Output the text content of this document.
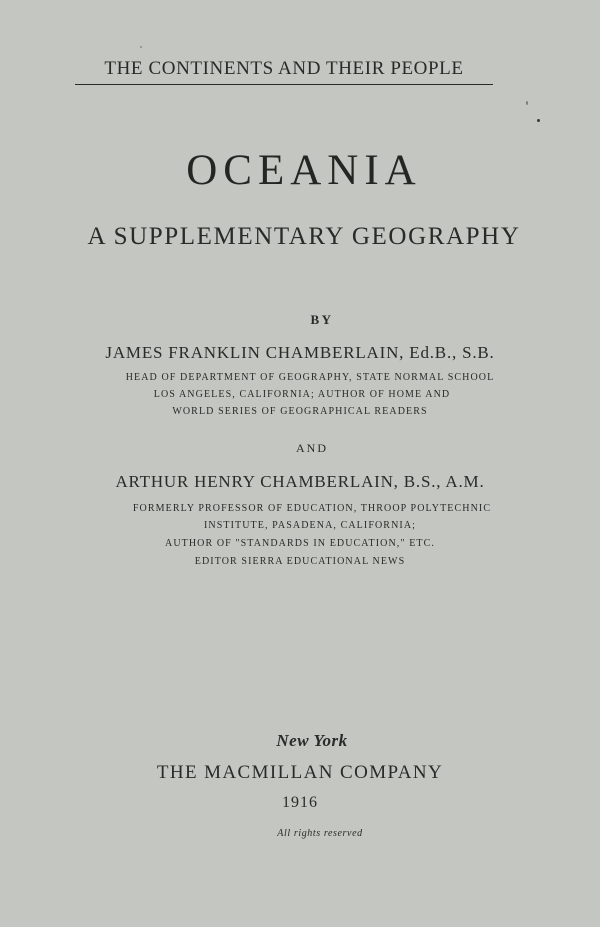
THE CONTINENTS AND THEIR PEOPLE
OCEANIA
A SUPPLEMENTARY GEOGRAPHY
BY
JAMES FRANKLIN CHAMBERLAIN, Ed.B., S.B.
HEAD OF DEPARTMENT OF GEOGRAPHY, STATE NORMAL SCHOOL
LOS ANGELES, CALIFORNIA; AUTHOR OF HOME AND
WORLD SERIES OF GEOGRAPHICAL READERS
AND
ARTHUR HENRY CHAMBERLAIN, B.S., A.M.
FORMERLY PROFESSOR OF EDUCATION, THROOP POLYTECHNIC
INSTITUTE, PASADENA, CALIFORNIA;
AUTHOR OF "STANDARDS IN EDUCATION," ETC.
EDITOR SIERRA EDUCATIONAL NEWS
New York
THE MACMILLAN COMPANY
1916
All rights reserved
